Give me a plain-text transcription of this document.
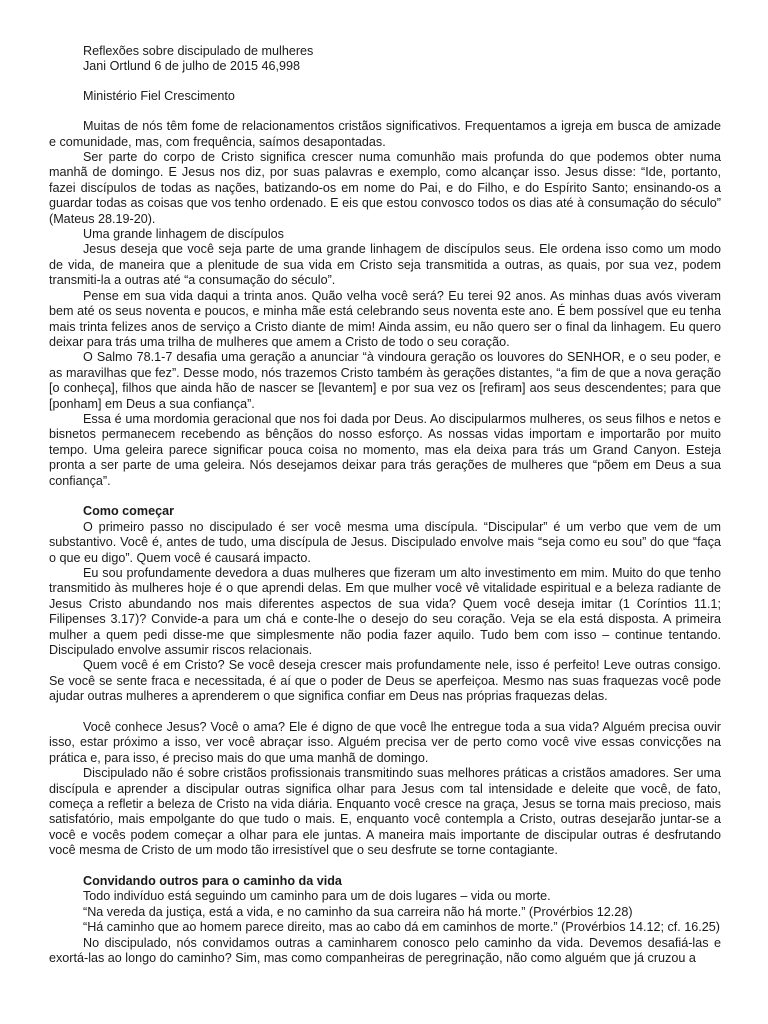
Reflexões sobre discipulado de mulheres
Jani Ortlund 6 de julho de 2015 46,998
Ministério Fiel Crescimento

Muitas de nós têm fome de relacionamentos cristãos significativos. Frequentamos a igreja em busca de amizade e comunidade, mas, com frequência, saímos desapontadas.

Ser parte do corpo de Cristo significa crescer numa comunhão mais profunda do que podemos obter numa manhã de domingo. E Jesus nos diz, por suas palavras e exemplo, como alcançar isso. Jesus disse: “Ide, portanto, fazei discípulos de todas as nações, batizando-os em nome do Pai, e do Filho, e do Espírito Santo; ensinando-os a guardar todas as coisas que vos tenho ordenado. E eis que estou convosco todos os dias até à consumação do século” (Mateus 28.19-20).

Uma grande linhagem de discípulos

Jesus deseja que você seja parte de uma grande linhagem de discípulos seus. Ele ordena isso como um modo de vida, de maneira que a plenitude de sua vida em Cristo seja transmitida a outras, as quais, por sua vez, podem transmiti-la a outras até “a consumação do século”.

Pense em sua vida daqui a trinta anos. Quão velha você será? Eu terei 92 anos. As minhas duas avós viveram bem até os seus noventa e poucos, e minha mãe está celebrando seus noventa este ano. É bem possível que eu tenha mais trinta felizes anos de serviço a Cristo diante de mim! Ainda assim, eu não quero ser o final da linhagem. Eu quero deixar para trás uma trilha de mulheres que amem a Cristo de todo o seu coração.

O Salmo 78.1-7 desafia uma geração a anunciar “à vindoura geração os louvores do SENHOR, e o seu poder, e as maravilhas que fez”. Desse modo, nós trazemos Cristo também às gerações distantes, “a fim de que a nova geração [o conheça], filhos que ainda hão de nascer se [levantem] e por sua vez os [refiram] aos seus descendentes; para que [ponham] em Deus a sua confiança”.

Essa é uma mordomia geracional que nos foi dada por Deus. Ao discipularmos mulheres, os seus filhos e netos e bisnetos permanecem recebendo as bênçãos do nosso esforço. As nossas vidas importam e importarão por muito tempo. Uma geleira parece significar pouca coisa no momento, mas ela deixa para trás um Grand Canyon. Esteja pronta a ser parte de uma geleira. Nós desejamos deixar para trás gerações de mulheres que “põem em Deus a sua confiança”.

Como começar

O primeiro passo no discipulado é ser você mesma uma discípula. “Discipular” é um verbo que vem de um substantivo. Você é, antes de tudo, uma discípula de Jesus. Discipulado envolve mais “seja como eu sou” do que “faça o que eu digo”. Quem você é causará impacto.

Eu sou profundamente devedora a duas mulheres que fizeram um alto investimento em mim. Muito do que tenho transmitido às mulheres hoje é o que aprendi delas. Em que mulher você vê vitalidade espiritual e a beleza radiante de Jesus Cristo abundando nos mais diferentes aspectos de sua vida? Quem você deseja imitar (1 Coríntios 11.1; Filipenses 3.17)? Convide-a para um chá e conte-lhe o desejo do seu coração. Veja se ela está disposta. A primeira mulher a quem pedi disse-me que simplesmente não podia fazer aquilo. Tudo bem com isso – continue tentando. Discipulado envolve assumir riscos relacionais.

Quem você é em Cristo? Se você deseja crescer mais profundamente nele, isso é perfeito! Leve outras consigo. Se você se sente fraca e necessitada, é aí que o poder de Deus se aperfeiçoa. Mesmo nas suas fraquezas você pode ajudar outras mulheres a aprenderem o que significa confiar em Deus nas próprias fraquezas delas.

Você conhece Jesus? Você o ama? Ele é digno de que você lhe entregue toda a sua vida? Alguém precisa ouvir isso, estar próximo a isso, ver você abraçar isso. Alguém precisa ver de perto como você vive essas convicções na prática e, para isso, é preciso mais do que uma manhã de domingo.

Discipulado não é sobre cristãos profissionais transmitindo suas melhores práticas a cristãos amadores. Ser uma discípula e aprender a discipular outras significa olhar para Jesus com tal intensidade e deleite que você, de fato, começa a refletir a beleza de Cristo na vida diária. Enquanto você cresce na graça, Jesus se torna mais precioso, mais satisfatório, mais empolgante do que tudo o mais. E, enquanto você contempla a Cristo, outras desejarão juntar-se a você e vocês podem começar a olhar para ele juntas. A maneira mais importante de discipular outras é desfrutando você mesma de Cristo de um modo tão irresistível que o seu desfrute se torne contagiante.

Convidando outros para o caminho da vida

Todo indivíduo está seguindo um caminho para um de dois lugares – vida ou morte.

“Na vereda da justiça, está a vida, e no caminho da sua carreira não há morte.” (Provérbios 12.28)

“Há caminho que ao homem parece direito, mas ao cabo dá em caminhos de morte.” (Provérbios 14.12; cf. 16.25)

No discipulado, nós convidamos outras a caminharem conosco pelo caminho da vida. Devemos desafiá-las e exortá-las ao longo do caminho? Sim, mas como companheiras de peregrinação, não como alguém que já cruzou a
